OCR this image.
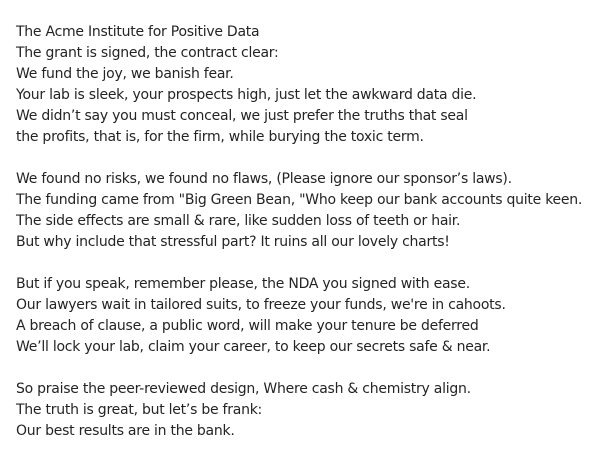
The Acme Institute for Positive Data
The grant is signed, the contract clear:
We fund the joy, we banish fear.
Your lab is sleek, your prospects high, just let the awkward data die.
We didn’t say you must conceal, we just prefer the truths that seal
the profits, that is, for the firm, while burying the toxic term.
We found no risks, we found no flaws, (Please ignore our sponsor’s laws).
The funding came from "Big Green Bean, "Who keep our bank accounts quite keen.
The side effects are small & rare, like sudden loss of teeth or hair.
But why include that stressful part? It ruins all our lovely charts!
But if you speak, remember please, the NDA you signed with ease.
Our lawyers wait in tailored suits, to freeze your funds, we're in cahoots.
A breach of clause, a public word, will make your tenure be deferred
We’ll lock your lab, claim your career, to keep our secrets safe & near.
So praise the peer-reviewed design, Where cash & chemistry align.
The truth is great, but let’s be frank:
Our best results are in the bank.
